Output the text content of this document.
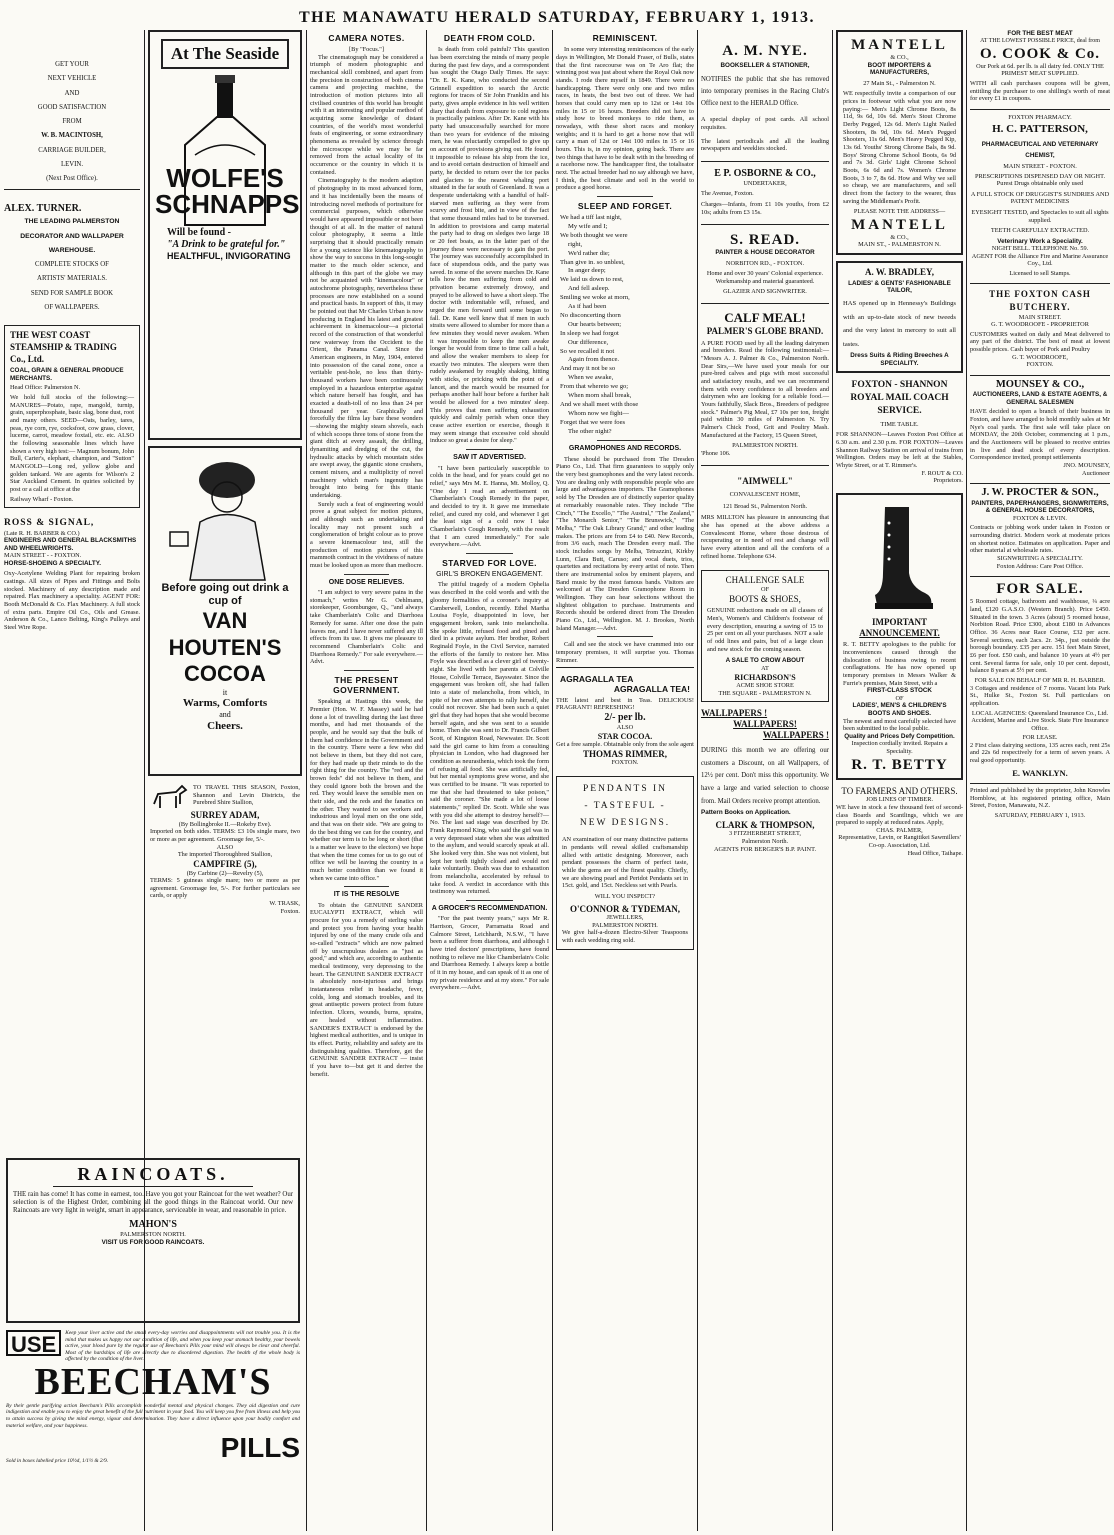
THE MANAWATU HERALD SATURDAY, FEBRUARY 1, 1913.
GET YOUR
NEXT VEHICLE
AND
GOOD SATISFACTION
FROM
W. B. MACINTOSH,
CARRIAGE BUILDER,
LEVIN.
(Next Post Office).
ALEX. TURNER.
THE LEADING PALMERSTON
DECORATOR AND WALLPAPER
WAREHOUSE.
COMPLETE STOCKS OF
ARTISTS' MATERIALS.
SEND FOR SAMPLE BOOK
OF WALLPAPERS.
THE WEST COAST STEAMSHIP & TRADING Co., Ltd.
COAL, GRAIN & GENERAL PRODUCE MERCHANTS.
Head Office: Palmerston N.
We hold full stocks of the following:— MANURES—Potato, rape, mangold, turnip, grain, superphosphate, basic slag, bone dust, root and many others. SEED—Oats, barley, tares, peas, rye corn, rye, cocksfoot, cow grass, clover, lucerne, carrot, meadow foxtail, etc. etc. ALSO the following seasonable lines which have shown a very high test:— Magnum bonum, John Bull, Carter's, elephant, champion, and "Sutton" MANGOLD—Long red, yellow globe and golden tankard. We are agents for Wilson's 2 Star Auckland Cement. In quiries solicited by post or a call at office at the
Railway Wharf - Foxton.
ROSS & SIGNAL,
(Late R. H. BARBER & CO.)
ENGINEERS AND GENERAL BLACKSMITHS AND WHEELWRIGHTS.
MAIN STREET - - FOXTON.
HORSE-SHOEING A SPECIALTY.
Oxy-Acetylene Welding Plant for repairing broken castings. All sizes of Pipes and Fittings and Bolts stocked. Machinery of any description made and repaired. Flax machinery a speciality. AGENT FOR: Booth McDonald & Co. Flax Machinery. A full stock of extra parts. Empire Oil Co., Oils and Grease. Anderson & Co., Lanco Belting, King's Pulleys and Steel Wire Rope.
At The Seaside
WOLFE'S SCHNAPPS
Will be found -
"A Drink to be grateful for."
HEALTHFUL, INVIGORATING
Before going out drink a cup of
VAN
HOUTEN'S
COCOA
it
Warms, Comforts
and
Cheers.
TO TRAVEL THIS SEASON, Foxton, Shannon and Levin Districts, the Purebred Shire Stallion,
SURREY ADAM,
(By Bollingbroke II.—Rokeby Eve).
Imported on both sides. TERMS: £3 10s single mare, two or more as per agreement. Groomage fee, 5/-.
ALSO
The imported Thoroughbred Stallion,
CAMPFIRE (5),
(By Carbine (2)—Revelry (5),
TERMS: 5 guineas single mare; two or more as per agreement. Groomage fee, 5/-. For further particulars see cards, or apply
W. TRASK,
Foxton.
RAINCOATS.
THE rain has come! It has come in earnest, too. Have you got your Raincoat for the wet weather? Our selection is of the Highest Order, combining all the good things in the Raincoat world. Our new Raincoats are very light in weight, smart in appearance, serviceable in wear, and reasonable in price.
MAHON'S
PALMERSTON NORTH.
VISIT US FOR GOOD RAINCOATS.
USE	Keep your liver active and the small every-day worries and disappointments will not trouble you. It is the mind that makes us happy not our condition of life, and when you keep your stomach healthy, your bowels active, your blood pure by the regular use of Beecham's Pills your mind will always be clear and cheerful. Most of the hardships of life are directly due to disordered digestion. The health of the whole body is affected by the condition of the liver.
BEECHAM'S
By their gentle purifying action Beecham's Pills accomplish wonderful mental and physical changes. They aid digestion and cure indigestion and enable you to enjoy the great benefit of the full nutriment in your food. You will keep you free from illness and help you to attain success by giving the mind energy, vigour and determination. They have a direct influence upon your bodily comfort and material welfare, and your happiness.
Sold in boxes labelled price 10½d, 1/1½ & 2/9.	PILLS
CAMERA NOTES.
[By "Focus."]

The cinematograph may be considered a triumph of modern photographic and mechanical skill combined, and apart from the precision in construction of both cinema camera and projecting machine, the introduction of motion pictures into all civilised countries of this world has brought with it an interesting and popular method of acquiring some knowledge of distant countries, of the world's most wonderful feats of engineering, or some extraordinary phenomena as revealed by science through the microscope while we may be far removed from the actual locality of its occurrence or the country in which it is contained.

Cinematography is the modern adaption of photography in its most advanced form, and it has incidentally been the means of introducing novel methods of portraiture for commercial purposes, which otherwise would have appeared impossible or not been thought of at all. In the matter of natural colour photography, it seems a little surprising that it should practically remain for a young science like kinematography to show the way to success in this long-sought matter to the much older science, and although in this part of the globe we may not be acquainted with "kinemacolour" or autochrome photography, nevertheless these processes are now established on a sound and practical basis. In support of this, it may be pointed out that Mr Charles Urban is now producing in England his latest and greatest achievement in kinemacolour—a pictorial record of the construction of that wonderful new waterway from the Occident to the Orient, the Panama Canal. Since the American engineers, in May, 1904, entered into possession of the canal zone, once a veritable pest-hole, no less than thirty-thousand workers have been continuously employed in a hazardous enterprise against which nature herself has fought, and has exacted a death-toll of no less than 24 per thousand per year. Graphically and forcefully the films lay bare these wonders—showing the mighty steam shovels, each of which scoops three tons of stone from the giant ditch at every assault, the drilling, dynamiting and dredging of the cut, the hydraulic attacks by which mountain sides are swept away, the gigantic stone crushers, cement mixers, and a multiplicity of novel machinery which man's ingenuity has brought into being for this titanic undertaking.

Surely such a feat of engineering would prove a great subject for motion pictures, and although such an undertaking and locality may not present such a conglomeration of bright colour as to prove a severe kinemacolour test, still the production of motion pictures of this mammoth contract in the vividness of nature must be looked upon as more than mediocre.

ONE DOSE RELIEVES.

"I am subject to very severe pains in the stomach," writes Mr G. Oehlmann, storekeeper, Goombungee, Q., "and always take Chamberlain's Colic and Diarrhoea Remedy for same. After one dose the pain leaves me, and I have never suffered any ill effects from its use. It gives me pleasure to recommend Chamberlain's Colic and Diarrhoea Remedy." For sale everywhere.—Advt.

THE PRESENT GOVERNMENT.

Speaking at Hastings this week, the Premier (Hon. W. F. Massey) said he had done a lot of travelling during the last three months, and had met thousands of the people, and he would say that the bulk of them had confidence in the Government and in the country. There were a few who did not believe in them, but they did not care, for they had made up their minds to do the right thing for the country. The "red and the brown feds" did not believe in them, and they could ignore both the brown and the red. They would leave the sensible men on their side, and the reds and the fanatics on the other. They wanted to see workers and industrious and loyal men on the one side, and that was on their side. "We are going to do the best thing we can for the country, and whether our term is to be long or short (that is a matter we leave to the electors) we hope that when the time comes for us to go out of office we will be leaving the country in a much better condition than we found it when we came into office."

IT IS THE RESOLVE

To obtain the GENUINE SANDER EUCALYPTI EXTRACT, which will procure for you a remedy of sterling value and protect you from having your health injured by one of the many crude oils and so-called "extracts" which are now palmed off by unscrupulous dealers as "just as good," and which are, according to authentic medical testimony, very depressing to the heart. The GENUINE SANDER EXTRACT is absolutely non-injurious and brings instantaneous relief in headache, fever, colds, long and stomach troubles, and its great antiseptic powers protect from future infection. Ulcers, wounds, burns, sprains, are healed without inflammation. SANDER'S EXTRACT is endorsed by the highest medical authorities, and is unique in its effect. Purity, reliability and safety are its distinguishing qualities. Therefore, get the GENUINE SANDER EXTRACT — insist if you have to—but get it and derive the benefit.

DEATH FROM COLD.

Is death from cold painful? This question has been exercising the minds of many people during the past few days, and a correspondent has sought the Otago Daily Times. He says: "Dr. E. K. Kane, who conducted the second Grinnell expedition to search the Arctic regions for traces of Sir John Franklin and his party, gives ample evidence in his well written diary that death from exposure to cold regions is practically painless. After Dr. Kane with his party had unsuccessfully searched for more than two years for evidence of the missing men, he was reluctantly compelled to give up on account of provisions giving out. He found it impossible to release his ship from the ice, and to avoid certain destruction of himself and party, he decided to return over the ice packs and glaciers to the nearest whaling port situated in the far south of Greenland. It was a desperate undertaking with a handful of half-starved men suffering as they were from scurvy and frost bite, and in view of the fact that some thousand miles had to be traversed. In addition to provisions and camp material the party had to drag on sledges two large 18 or 20 feet boats, as in the latter part of the journey these were necessary to gain the port. The journey was successfully accomplished in face of stupendous odds, and the party was saved. In some of the severe marches Dr. Kane tells how the men suffering from cold and privation became extremely drowsy, and prayed to be allowed to have a short sleep. The doctor with indomitable will, refused, and urged the men forward until some began to fall. Dr. Kane well knew that if men in such straits were allowed to slumber for more than a few minutes they would never awaken. When it was impossible to keep the men awake longer he would from time to time call a halt, and allow the weaker members to sleep for exactly two minutes. The sleepers were then rudely awakened by roughly shaking, hitting with sticks, or pricking with the point of a lancet, and the march would be resumed for perhaps another half hour before a further halt would be allowed for a two minutes' sleep. This proves that men suffering exhaustion quickly and calmly perish when once they cease active exertion or exercise, though it may seem strange that excessive cold should induce so great a desire for sleep."

SAW IT ADVERTISED.

"I have been particularly susceptible to colds in the head, and for years could get no relief," says Mrs M. E. Hanna, Mt. Molloy, Q. "One day I read an advertisement on Chamberlain's Cough Remedy in the paper, and decided to try it. It gave me immediate relief, and cured my cold, and whenever I get the least sign of a cold now I take Chamberlain's Cough Remedy, with the result that I am cured immediately." For sale everywhere.—Advt.

STARVED FOR LOVE.
GIRL'S BROKEN ENGAGEMENT.

The pitiful tragedy of a modern Ophelia was described in the cold words and with the gloomy formalities of a coroner's inquiry at Camberwell, London, recently. Ethel Martha Louisa Foyle, disappointed in love, her engagement broken, sank into melancholia. She spoke little, refused food and pined and died in a private asylum. Her brother, Robert Reginald Foyle, in the Civil Service, narrated the efforts of the family to restore her. Miss Foyle was described as a clever girl of twenty-eight. She lived with her parents at Colville House, Colville Terrace, Bayswater. Since the engagement was broken off, she had fallen into a state of melancholia, from which, in spite of her own attempts to rally herself, she could not recover. She had been such a quiet girl that they had hopes that she would become herself again, and she was sent to a seaside home. Then she was sent to Dr. Francis Gilbert Scott, of Kingston Road, Newwater. Dr. Scott said the girl came to him from a consulting physician in London, who had diagnosed her condition as neurasthenia, which took the form of refusing all food. She was artificially fed, but her mental symptoms grew worse, and she was certified to be insane. "It was reported to me that she had threatened to take poison," said the coroner. "She made a lot of loose statements," replied Dr. Scott. While she was with you did she attempt to destroy herself?—No. The last sad stage was described by Dr. Frank Raymond King, who said the girl was in a very depressed state when she was admitted to the asylum, and would scarcely speak at all. She looked very thin. She was not violent, but kept her teeth tightly closed and would not take voluntarily. Death was due to exhaustion from melancholia, accelerated by refusal to take food. A verdict in accordance with this testimony was returned.

A GROCER'S RECOMMENDATION.

"For the past twenty years," says Mr R. Harrison, Grocer, Parramatta Road and Calmore Street, Leichhardt, N.S.W., "I have been a sufferer from diarrhoea, and although I have tried doctors' prescriptions, have found nothing to relieve me like Chamberlain's Colic and Diarrhoea Remedy. I always keep a bottle of it in my house, and can speak of it as one of my private residence and at my store." For sale everywhere.—Advt.

REMINISCENT.

In some very interesting reminiscences of the early days in Wellington, Mr Donald Fraser, of Bulls, states that the first racecourse was on Te Aro flat; the winning post was just about where the Royal Oak now stands. I rode there myself in 1849. There were no handicapping. There were only one and two miles races, in heats, the best two out of three. We had horses that could carry men up to 12st or 14st 10s miles in 15 or 16 hours. Breeders did not have to study how to breed monkeys to ride them, as nowadays, with these short races and monkey weights; and it is hard to get a horse now that will carry a man of 12st or 14st 100 miles in 15 or 16 hours. This is, in my opinion, going back. There are two things that have to be dealt with in the breeding of a racehorse now. The handicapper first, the totalisator next. The actual breeder had no say although we have, I think, the best climate and soil in the world to produce a good horse.

SLEEP AND FORGET.
We had a tiff last night,
My wife and I;
We both thought we were
right,
We'd rather die;
Than give in. so unblest,
In anger deep;
We laid us down to rest,
And fell asleep.
Smiling we woke at morn,
As if had been
No disconcerting thorn
Our hearts between;
In sleep we had forgot
Our difference,
So we recalled it not
Again from thence.
And may it not be so
When we awake,
From that whereto we go;
When morn shall break,
And we shall meet with those
Whom now we fight—
Forget that we were foes
The other night?
GRAMOPHONES AND RECORDS.

These should be purchased from The Dresden Piano Co., Ltd. That firm guarantees to supply only the very best gramophones and the very latest records. You are dealing only with responsible people who are large and advantageous importers. The Gramophones sold by The Dresden are of distinctly superior quality at remarkably reasonable rates. They include "The Cinch," "The Excello," "The Austral," "The Zealand," "The Monarch Senior," "The Brunswick," "The Melba," "The Oak Library Grand," and other leading makes. The prices are from £4 to £40. New Records, from 3/6 each, reach The Dresden every mail. The stock includes songs by Melba, Tetrazzini, Kirkby Lunn, Clara Butt, Caruso; and vocal duets, trios, quartettes and recitations by every artist of note. Then there are instrumental solos by eminent players, and Band music by the most famous bands. Visitors are welcomed at The Dresden Gramophone Room in Wellington. They can hear selections without the slightest obligation to purchase. Instruments and Records should be ordered direct from The Dresden Piano Co., Ltd., Wellington. M. J. Brookes, North Island Manager.—Advt.

Call and see the stock we have crammed into our temporary premises, it will surprise you. Thomas Rimmer.

AGRAGALLA TEA
AGRAGALLA TEA!
THE latest and best in Teas. DELICIOUS! FRAGRANT! REFRESHING!
2/- per lb.
ALSO
STAR COCOA.
Get a free sample. Obtainable only from the sole agent
THOMAS RIMMER,
FOXTON.
PENDANTS IN
- TASTEFUL -
NEW DESIGNS.
AN examination of our many distinctive patterns in pendants will reveal skilled craftsmanship allied with artistic designing. Moreover, each pendant possesses the charm of perfect taste, while the gems are of the finest quality. Chiefly, we are showing pearl and Peridot Pendants set in 15ct. gold, and 15ct. Neckless set with Pearls.
WILL YOU INSPECT?
O'CONNOR & TYDEMAN,
JEWELLERS,
PALMERSTON NORTH.
We give half-a-dozen Electro-Silver Teaspoons with each wedding ring sold.
A. M. NYE.
BOOKSELLER & STATIONER,
NOTIFIES the public that she has removed into temporary premises in the Racing Club's Office next to the HERALD Office.
A special display of post cards. All school requisites.
The latest periodicals and all the leading newspapers and weeklies stocked.
E P. OSBORNE & CO.,
UNDERTAKER,
The Avenue, Foxton.
Charges—Infants, from £1 10s youths, from £2 10s; adults from £3 15s.
S. READ.
PAINTER & HOUSE DECORATOR
NORBITON RD., - FOXTON.
Home and over 30 years' Colonial experience. Workmanship and material guaranteed.
GLAZIER AND SIGNWRITER.
CALF MEAL!
PALMER'S GLOBE BRAND.
A PURE FOOD used by all the leading dairymen and breeders. Read the following testimonial:— "Messrs A. J. Palmer & Co., Palmerston North. Dear Sirs,—We have used your meals for our pure-bred calves and pigs with most successful and satisfactory results, and we can recommend them with every confidence to all breeders and dairymen who are looking for a reliable food.—Yours faithfully, Slack Bros., Breeders of pedigree stock." Palmer's Pig Meal, £7 10s per ton, freight paid within 30 miles of Palmerston N. Try Palmer's Chick Food, Grit and Poultry Mash. Manufactured at the Factory, 15 Queen Street,
PALMERSTON NORTH.
'Phone 106.
"AIMWELL"
CONVALESCENT HOME,
121 Broad St., Palmerston North.
MRS MILLTON has pleasure in announcing that she has opened at the above address a Convalescent Home, where those desirous of recuperating or in need of rest and change will have every attention and all the comforts of a refined home. Telephone 634.
CHALLENGE SALE
OF
BOOTS & SHOES,
GENUINE reductions made on all classes of Men's, Women's and Children's footwear of every description, ensuring a saving of 15 to 25 per cent on all your purchases. NOT a sale of odd lines and pairs, but of a large clean and new stock for the coming season.
A SALE TO CROW ABOUT
AT
RICHARDSON'S
ACME SHOE STORE
THE SQUARE - PALMERSTON N.
WALLPAPERS !
WALLPAPERS!
WALLPAPERS !
DURING this month we are offering our customers a Discount, on all Wallpapers, of 12½ per cent. Don't miss this opportunity. We have a large and varied selection to choose from. Mail Orders receive prompt attention.
Pattern Books on Application.
CLARK & THOMPSON,
3 FITZHERBERT STREET,
Palmerston North.
AGENTS FOR BERGER'S B.P. PAINT.
MANTELL
& CO.,
BOOT IMPORTERS & MANUFACTURERS,
27 Main St., - Palmerston N.
WE respectfully invite a comparison of our prices in footwear with what you are now paying:— Men's Light Chrome Boots, 8s 11d, 9s 6d, 10s 6d. Men's Stout Chrome Derby Pegged, 12s 6d. Men's Light Nailed Shooters, 8s 9d, 10s 6d. Men's Pegged Shooters, 11s 6d. Men's Heavy Pegged Kip, 13s 6d. Youths' Strong Chrome Bals, 8s 9d. Boys' Strong Chrome School Boots, 6s 9d and 7s 3d. Girls' Light Chrome School Boots, 6s 6d and 7s. Women's Chrome Boots, 3 to 7, 8s 6d. How and Why we sell so cheap, we are manufacturers, and sell direct from the factory to the wearer, thus saving the Middleman's Profit.
PLEASE NOTE THE ADDRESS—
MANTELL
& CO.,
MAIN ST., - PALMERSTON N.
A. W. BRADLEY,
LADIES' & GENTS' FASHIONABLE TAILOR,
HAS opened up in Hennessy's Buildings with an up-to-date stock of new tweeds and the very latest in mercery to suit all tastes.
Dress Suits & Riding Breeches A SPECIALITY.
FOXTON - SHANNON ROYAL MAIL COACH SERVICE.
TIME TABLE.
FOR SHANNON—Leaves Foxton Post Office at 6.30 a.m. and 2.30 p.m. FOR FOXTON—Leaves Shannon Railway Station on arrival of trains from Wellington. Orders may be left at the Stables, Whyte Street, or at T. Rimmer's.
F. ROUT & CO.
Proprietors.
IMPORTANT
ANNOUNCEMENT.
R. T. BETTY apologises to the public for inconveniences caused through the dislocation of business owing to recent conflagrations. He has now opened up temporary premises in Messrs Walker & Furrie's premises, Main Street, with a
FIRST-CLASS STOCK
OF
LADIES', MEN'S & CHILDREN'S BOOTS AND SHOES.
The newest and most carefully selected have been submitted to the local public.
Quality and Prices Defy Competition.
Inspection cordially invited. Repairs a Speciality.
R. T. BETTY
TO FARMERS AND OTHERS.
JOB LINES OF TIMBER.
WE have in stock a few thousand feet of second-class Boards and Scantlings, which we are prepared to supply at reduced rates. Apply,
CHAS. PALMER,
Representative, Levin, or Rangitikei Sawmillers' Co-op. Association, Ltd.
Head Office, Taihape.
FOR THE BEST MEAT
AT THE LOWEST POSSIBLE PRICE, deal from
O. COOK & Co.
Our Pork at 6d. per lb. is all dairy fed. ONLY THE PRIMEST MEAT SUPPLIED.
WITH all cash purchases coupons will be given, entitling the purchaser to one shilling's worth of meat for every £1 in coupons.
FOXTON PHARMACY.
H. C. PATTERSON,
PHARMACEUTICAL AND VETERINARY CHEMIST,
MAIN STREET - FOXTON.
PRESCRIPTIONS DISPENSED DAY OR NIGHT.
Purest Drugs obtainable only used
A FULL STOCK OF DRUGGIST'S SUNDRIES AND PATENT MEDICINES
EYESIGHT TESTED, and Spectacles to suit all sights supplied.
TEETH CAREFULLY EXTRACTED.
Veterinary Work a Speciality.
NIGHT BELL. TELEPHONE No. 59.
AGENT FOR the Alliance Fire and Marine Assurance Coy., Ltd.
Licensed to sell Stamps.
THE FOXTON CASH BUTCHERY.
MAIN STREET.
G. T. WOODROOFE - PROPRIETOR
CUSTOMERS waited on daily and Meat delivered to any part of the district. The best of meat at lowest possible prices. Cash buyer of Pork and Poultry
G. T. WOODROOFE,
FOXTON.
MOUNSEY & CO.,
AUCTIONEERS, LAND & ESTATE AGENTS, & GENERAL SALESMEN
HAVE decided to open a branch of their business in Foxton, and have arranged to hold monthly sales at Mr Nye's coal yards. The first sale will take place on MONDAY, the 20th October, commencing at 1 p.m., and the Auctioneers will be pleased to receive entries in live and dead stock of every description. Correspondence invited, prompt settlements
JNO. MOUNSEY,
Auctioneer
J. W. PROCTER & SON.,
PAINTERS, PAPERHANGERS, SIGNWRITERS, & GENERAL HOUSE DECORATORS,
FOXTON & LEVIN.
Contracts or jobbing work under taken in Foxton or surrounding district. Modern work at moderate prices on shortest notice. Estimates on application. Paper and other material at wholesale rates.
SIGNWRITING A SPECIALITY.
Foxton Address: Care Post Office.
FOR SALE.
5 Roomed cottage, bathroom and washhouse, ¼ acre land, £120 G.A.S.O. (Western Branch). Price £450. Situated in the town. 3 Acres (about) 5 roomed house, Norbiton Road. Price £300, about £180 in Advances Office. 36 Acres near Race Course, £32 per acre. Several sections, each 2acs. 2r. 34p., just outside the borough boundary. £35 per acre. 151 feet Main Street, £6 per foot. £50 cash, and balance 10 years at 4½ per cent. Several farms for sale, only 10 per cent. deposit, balance 8 years at 5½ per cent.
FOR SALE ON BEHALF OF MR R. H. BARBER.
3 Cottages and residence of 7 rooms. Vacant lots Park St., Hulke St., Foxton St. Full particulars on application.
LOCAL AGENCIES: Queensland Insurance Co., Ltd. Accident, Marine and Live Stock. State Fire Insurance Office.
FOR LEASE.
2 First class dairying sections, 135 acres each, rent 25s and 22s 6d respectively for a term of seven years. A real good opportunity.
E. WANKLYN.
Printed and published by the proprietor, John Knowles Hornblow, at his registered printing office, Main Street, Foxton, Manawatu, N.Z.
SATURDAY, FEBRUARY 1, 1913.
